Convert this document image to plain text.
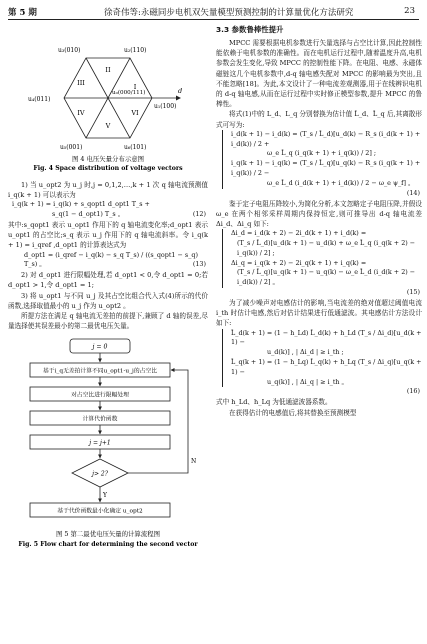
第 5 期	徐奇伟等:永磁同步电机双矢量模型预测控制的计算量优化方法研究	23
d
u₂(110)
u₃(010)
u₄(011)
u₅(001)	u₆(101)
u₁(100)
u₀(000/111)
I
II
III
IV
V
VI
图 4 电压矢量分布示意图
Fig. 4 Space distribution of voltage vectors

1) 当 u_opt2 为 u_j 时,j = 0,1,2,…,k + 1 次 q 轴电流预测值 i_q(k + 1) 可以表示为

i_q(k + 1) = i_q(k) + s_qopt1 d_opt1 T_s +

s_q(1 − d_opt1) T_s 。	(12)

其中:s_qopt1 表示 u_opt1 作用下的 q 轴电流变化率;d_opt1 表示 u_opt1 的占空比;s_q 表示 u_j 作用下的 q 轴电流斜率。令 i_q(k + 1) = i_qref ,d_opt1 的计算表达式为

d_opt1 = (i_qref − i_q(k) − s_q T_s) / ((s_qopt1 − s_q) T_s) 。	(13)

2) 对 d_opt1 进行限幅处理,若 d_opt1 < 0,令 d_opt1 = 0;若 d_opt1 > 1,令 d_opt1 = 1;

3) 将 u_opt1 与不同 u_j 及其占空比组合代入式(4)所示的代价函数,选择取值最小的 u_j 作为 u_opt2 。

所提方法在满足 q 轴电流无差拍的前提下,兼顾了 d 轴的误差,尽量选择使其误差最小的第二最优电压矢量。

j = 0
基于i_q无差拍计算不同u_opt1-u_j的占空比
对占空比进行限幅处理
计算代价函数
j = j+1
j> 2?
N
Y
基于代价函数最小化确定 u_opt2
图 5 第二最优电压矢量的计算流程图
Fig. 5 Flow chart for determining the second vector
3.3 参数鲁棒性提升

MPCC 需要根据电机参数进行矢量选择与占空比计算,因此控制性能依赖于电机参数的准确性。而在电机运行过程中,随着温度升高,电机参数会发生变化,导致 MPCC 的控制性能下降。在电阻、电感、永磁体磁链这几个电机参数中,d-q 轴电感失配对 MPCC 的影响最为突出,且不能忽略[18]。为此,本文设计了一种电流差观测器,用于在线辨识电机的 d-q 轴电感,从而在运行过程中实时修正模型参数,提升 MPCC 的鲁棒性。

将式(1)中的 L_d、L_q 分别替换为估计值 L̂_d、L̂_q 后,其离散形式可写为:

i_d(k + 1) − i_d(k) = (T_s / L̂_d)[u_d(k) − R_s (i_d(k + 1) + i_d(k)) / 2 +

ω_e L̂_q (i_q(k + 1) + i_q(k)) / 2] ;

i_q(k + 1) − i_q(k) = (T_s / L̂_q)[u_q(k) − R_s (i_q(k + 1) + i_q(k)) / 2 −

ω_e L̂_d (i_d(k + 1) + i_d(k)) / 2 − ω_e ψ_f] 。

(14)

鉴于定子电阻压降较小,为简化分析,本文忽略定子电阻压降,并假设 ω_e 在两个相邻采样周期内保持恒定,则可推导出 d-q 轴电流差 Δi_d、Δi_q 如下:

Δi_d = i_d(k + 2) − 2i_d(k + 1) + i_d(k) =

(T_s / L̂_d)[u_d(k + 1) − u_d(k) + ω_e L̂_q (i_q(k + 2) − i_q(k)) / 2] ;

Δi_q = i_q(k + 2) − 2i_q(k + 1) + i_q(k) =

(T_s / L̂_q)[u_q(k + 1) − u_q(k) − ω_e L̂_d (i_d(k + 2) − i_d(k)) / 2] 。

(15)

为了减少噪声对电感估计的影响,当电流差的绝对值超过阈值电流 i_th 时估计电感,然后对估计结果进行低通滤波。其电感估计方法设计如下:

L̂_d(k + 1) = (1 − h_Ld) L̂_d(k) + h_Ld (T_s / Δi_d)[u_d(k + 1) −

u_d(k)] , | Δi_d | ≥ i_th ;

L̂_q(k + 1) = (1 − h_Lq) L̂_q(k) + h_Lq (T_s / Δi_q)[u_q(k + 1) −

u_q(k)] , | Δi_q | ≥ i_th 。

(16)

式中 h_Ld、h_Lq 为低通滤波器系数。

在获得估计的电感值后,将其替换至预测模型
